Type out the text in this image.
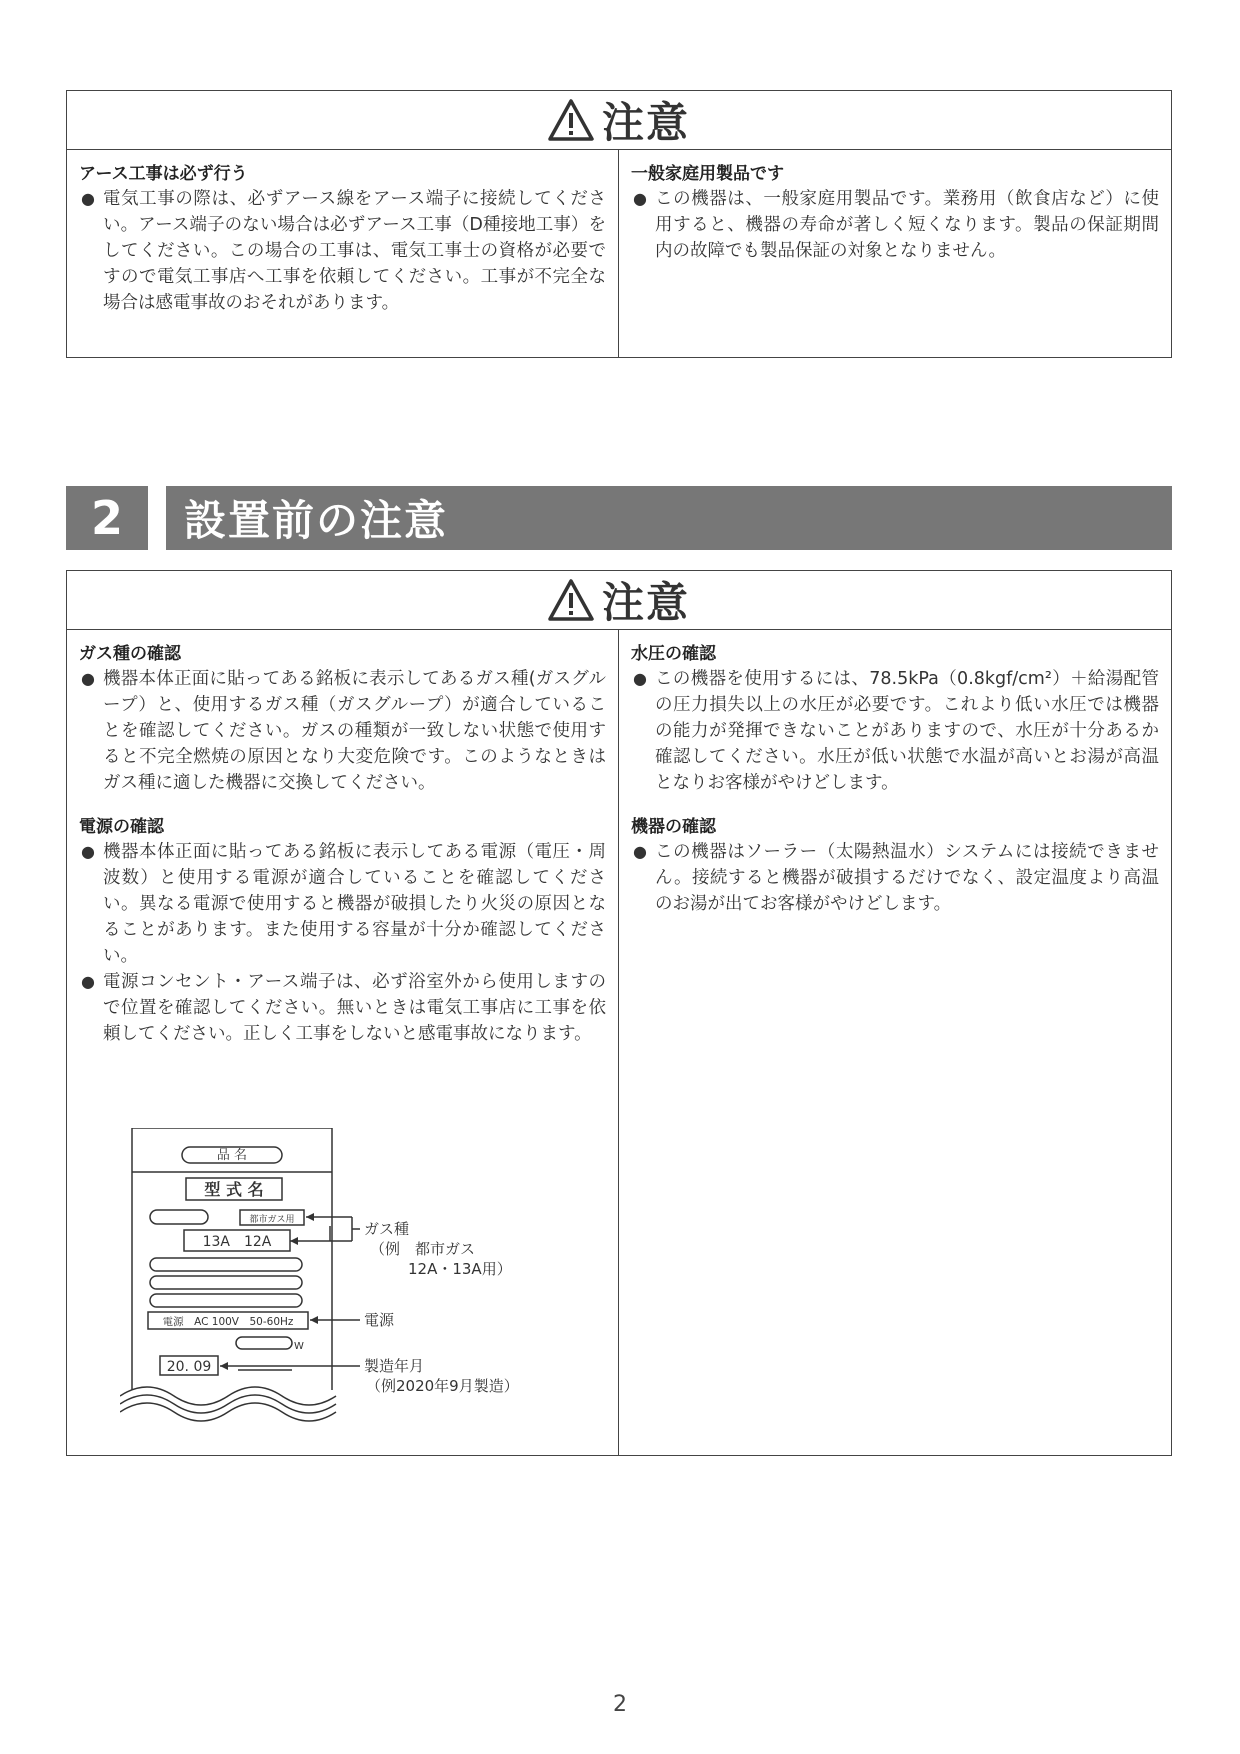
注意
アース工事は必ず行う
● 電気工事の際は、必ずアース線をアース端子に接続してください。アース端子のない場合は必ずアース工事（D種接地工事）をしてください。この場合の工事は、電気工事士の資格が必要ですので電気工事店へ工事を依頼してください。工事が不完全な場合は感電事故のおそれがあります。
一般家庭用製品です
● この機器は、一般家庭用製品です。業務用（飲食店など）に使用すると、機器の寿命が著しく短くなります。製品の保証期間内の故障でも製品保証の対象となりません。
2	設置前の注意
注意
ガス種の確認
● 機器本体正面に貼ってある銘板に表示してあるガス種(ガスグループ）と、使用するガス種（ガスグループ）が適合していることを確認してください。ガスの種類が一致しない状態で使用すると不完全燃焼の原因となり大変危険です。このようなときはガス種に適した機器に交換してください。
電源の確認
● 機器本体正面に貼ってある銘板に表示してある電源（電圧・周波数）と使用する電源が適合していることを確認してください。異なる電源で使用すると機器が破損したり火災の原因となることがあります。また使用する容量が十分か確認してください。
● 電源コンセント・アース端子は、必ず浴室外から使用しますので位置を確認してください。無いときは電気工事店に工事を依頼してください。正しく工事をしないと感電事故になります。
水圧の確認
● この機器を使用するには、78.5kPa（0.8kgf/cm²）＋給湯配管の圧力損失以上の水圧が必要です。これより低い水圧では機器の能力が発揮できないことがありますので、水圧が十分あるか確認してください。水圧が低い状態で水温が高いとお湯が高温となりお客様がやけどします。
機器の確認
● この機器はソーラー（太陽熱温水）システムには接続できません。接続すると機器が破損するだけでなく、設定温度より高温のお湯が出てお客様がやけどします。
品 名
型 式 名
都市ガス用
13A　12A
電源　AC 100V　50-60Hz
W
20. 09
ガス種
（例　都市ガス
12A・13A用）
電源
製造年月
（例2020年9月製造）
2
